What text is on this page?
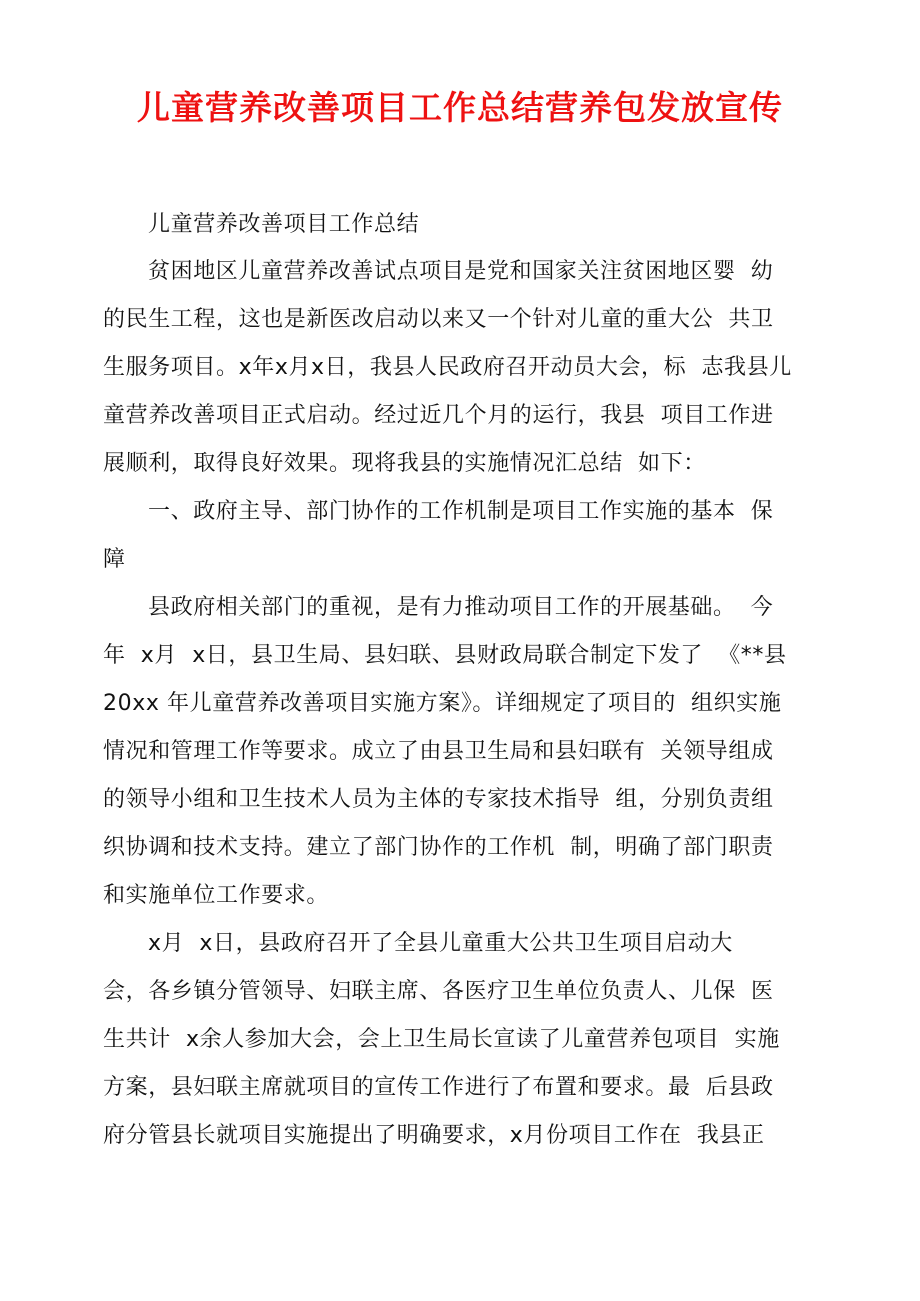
儿童营养改善项目工作总结营养包发放宣传
儿童营养改善项目工作总结
贫困地区儿童营养改善试点项目是党和国家关注贫困地区婴  幼
的民生工程，这也是新医改启动以来又一个针对儿童的重大公  共卫
生服务项目。x年x月x日，我县人民政府召开动员大会，标  志我县儿
童营养改善项目正式启动。经过近几个月的运行，我县  项目工作进
展顺利，取得良好效果。现将我县的实施情况汇总结  如下：
一、政府主导、部门协作的工作机制是项目工作实施的基本  保
障
县政府相关部门的重视，是有力推动项目工作的开展基础。  今
年  x月  x日，县卫生局、县妇联、县财政局联合制定下发了  《**县
20xx 年儿童营养改善项目实施方案》。详细规定了项目的  组织实施
情况和管理工作等要求。成立了由县卫生局和县妇联有  关领导组成
的领导小组和卫生技术人员为主体的专家技术指导  组，分别负责组
织协调和技术支持。建立了部门协作的工作机  制，明确了部门职责
和实施单位工作要求。
x月  x日，县政府召开了全县儿童重大公共卫生项目启动大
会，各乡镇分管领导、妇联主席、各医疗卫生单位负责人、儿保  医
生共计  x余人参加大会，会上卫生局长宣读了儿童营养包项目  实施
方案，县妇联主席就项目的宣传工作进行了布置和要求。最  后县政
府分管县长就项目实施提出了明确要求，x月份项目工作在  我县正
